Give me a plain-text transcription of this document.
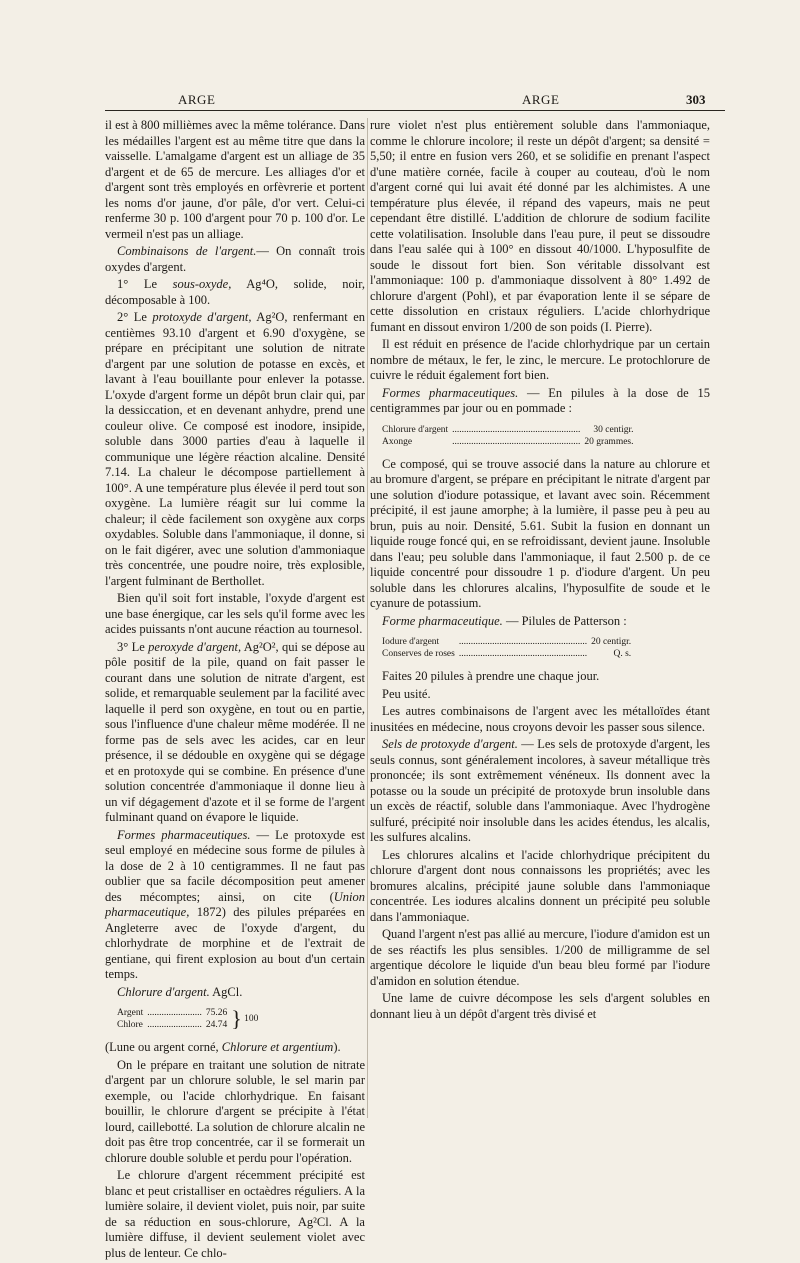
ARGE	ARGE	303

il est à 800 millièmes avec la même tolérance. Dans les médailles l'argent est au même titre que dans la vaisselle. L'amalgame d'argent est un alliage de 35 d'argent et de 65 de mercure. Les alliages d'or et d'argent sont très employés en orfèvrerie et portent les noms d'or jaune, d'or pâle, d'or vert. Celui-ci renferme 30 p. 100 d'argent pour 70 p. 100 d'or. Le vermeil n'est pas un alliage.

Combinaisons de l'argent.— On connaît trois oxydes d'argent.

1° Le sous-oxyde, Ag⁴O, solide, noir, décomposable à 100.

2° Le protoxyde d'argent, Ag²O, renfermant en centièmes 93.10 d'argent et 6.90 d'oxygène, se prépare en précipitant une solution de nitrate d'argent par une solution de potasse en excès, et lavant à l'eau bouillante pour enlever la potasse. L'oxyde d'argent forme un dépôt brun clair qui, par la dessiccation, et en devenant anhydre, prend une couleur olive. Ce composé est inodore, insipide, soluble dans 3000 parties d'eau à laquelle il communique une légère réaction alcaline. Densité 7.14. La chaleur le décompose partiellement à 100°. A une température plus élevée il perd tout son oxygène. La lumière réagit sur lui comme la chaleur; il cède facilement son oxygène aux corps oxydables. Soluble dans l'ammoniaque, il donne, si on le fait digérer, avec une solution d'ammoniaque très concentrée, une poudre noire, très explosible, l'argent fulminant de Berthollet.

Bien qu'il soit fort instable, l'oxyde d'argent est une base énergique, car les sels qu'il forme avec les acides puissants n'ont aucune réaction au tournesol.

3° Le peroxyde d'argent, Ag²O², qui se dépose au pôle positif de la pile, quand on fait passer le courant dans une solution de nitrate d'argent, est solide, et remarquable seulement par la facilité avec laquelle il perd son oxygène, en tout ou en partie, sous l'influence d'une chaleur même modérée. Il ne forme pas de sels avec les acides, car en leur présence, il se dédouble en oxygène qui se dégage et en protoxyde qui se combine. En présence d'une solution concentrée d'ammoniaque il donne lieu à un vif dégagement d'azote et il se forme de l'argent fulminant quand on évapore le liquide.

Formes pharmaceutiques. — Le protoxyde est seul employé en médecine sous forme de pilules à la dose de 2 à 10 centigrammes. Il ne faut pas oublier que sa facile décomposition peut amener des mécomptes; ainsi, on cite (Union pharmaceutique, 1872) des pilules préparées en Angleterre avec de l'oxyde d'argent, du chlorhydrate de morphine et de l'extrait de gentiane, qui firent explosion au bout d'un certain temps.

Chlorure d'argent. AgCl.

Argent	.......................	75.26	} 100
Chlore	.......................	24.74	

(Lune ou argent corné, Chlorure et argentium).

On le prépare en traitant une solution de nitrate d'argent par un chlorure soluble, le sel marin par exemple, ou l'acide chlorhydrique. En faisant bouillir, le chlorure d'argent se précipite à l'état lourd, caillebotté. La solution de chlorure alcalin ne doit pas être trop concentrée, car il se formerait un chlorure double soluble et perdu pour l'opération.

Le chlorure d'argent récemment précipité est blanc et peut cristalliser en octaèdres réguliers. A la lumière solaire, il devient violet, puis noir, par suite de sa réduction en sous-chlorure, Ag²Cl. A la lumière diffuse, il devient seulement violet avec plus de lenteur. Ce chlo-

rure violet n'est plus entièrement soluble dans l'ammoniaque, comme le chlorure incolore; il reste un dépôt d'argent; sa densité = 5,50; il entre en fusion vers 260, et se solidifie en prenant l'aspect d'une matière cornée, facile à couper au couteau, d'où le nom d'argent corné qui lui avait été donné par les alchimistes. A une température plus élevée, il répand des vapeurs, mais ne peut cependant être distillé. L'addition de chlorure de sodium facilite cette volatilisation. Insoluble dans l'eau pure, il peut se dissoudre dans l'eau salée qui à 100° en dissout 40/1000. L'hyposulfite de soude le dissout fort bien. Son véritable dissolvant est l'ammoniaque: 100 p. d'ammoniaque dissolvent à 80° 1.492 de chlorure d'argent (Pohl), et par évaporation lente il se sépare de cette dissolution en cristaux réguliers. L'acide chlorhydrique fumant en dissout environ 1/200 de son poids (I. Pierre).

Il est réduit en présence de l'acide chlorhydrique par un certain nombre de métaux, le fer, le zinc, le mercure. Le protochlorure de cuivre le réduit également fort bien.

Formes pharmaceutiques. — En pilules à la dose de 15 centigrammes par jour ou en pommade :

Chlorure d'argent	......................................................	30 centigr.
Axonge	......................................................	20 grammes.

Ce composé, qui se trouve associé dans la nature au chlorure et au bromure d'argent, se prépare en précipitant le nitrate d'argent par une solution d'iodure potassique, et lavant avec soin. Récemment précipité, il est jaune amorphe; à la lumière, il passe peu à peu au brun, puis au noir. Densité, 5.61. Subit la fusion en donnant un liquide rouge foncé qui, en se refroidissant, devient jaune. Insoluble dans l'eau; peu soluble dans l'ammoniaque, il faut 2.500 p. de ce liquide concentré pour dissoudre 1 p. d'iodure d'argent. Un peu soluble dans les chlorures alcalins, l'hyposulfite de soude et le cyanure de potassium.

Forme pharmaceutique. — Pilules de Patterson :

Iodure d'argent	......................................................	20 centigr.
Conserves de roses	......................................................	Q. s.

Faites 20 pilules à prendre une chaque jour.

Peu usité.

Les autres combinaisons de l'argent avec les métalloïdes étant inusitées en médecine, nous croyons devoir les passer sous silence.

Sels de protoxyde d'argent. — Les sels de protoxyde d'argent, les seuls connus, sont généralement incolores, à saveur métallique très prononcée; ils sont extrêmement vénéneux. Ils donnent avec la potasse ou la soude un précipité de protoxyde brun insoluble dans un excès de réactif, soluble dans l'ammoniaque. Avec l'hydrogène sulfuré, précipité noir insoluble dans les acides étendus, les alcalis, les sulfures alcalins.

Les chlorures alcalins et l'acide chlorhydrique précipitent du chlorure d'argent dont nous connaissons les propriétés; avec les bromures alcalins, précipité jaune soluble dans l'ammoniaque concentrée. Les iodures alcalins donnent un précipité peu soluble dans l'ammoniaque.

Quand l'argent n'est pas allié au mercure, l'iodure d'amidon est un de ses réactifs les plus sensibles. 1/200 de milligramme de sel argentique décolore le liquide d'un beau bleu formé par l'iodure d'amidon en solution étendue.

Une lame de cuivre décompose les sels d'argent solubles en donnant lieu à un dépôt d'argent très divisé et
